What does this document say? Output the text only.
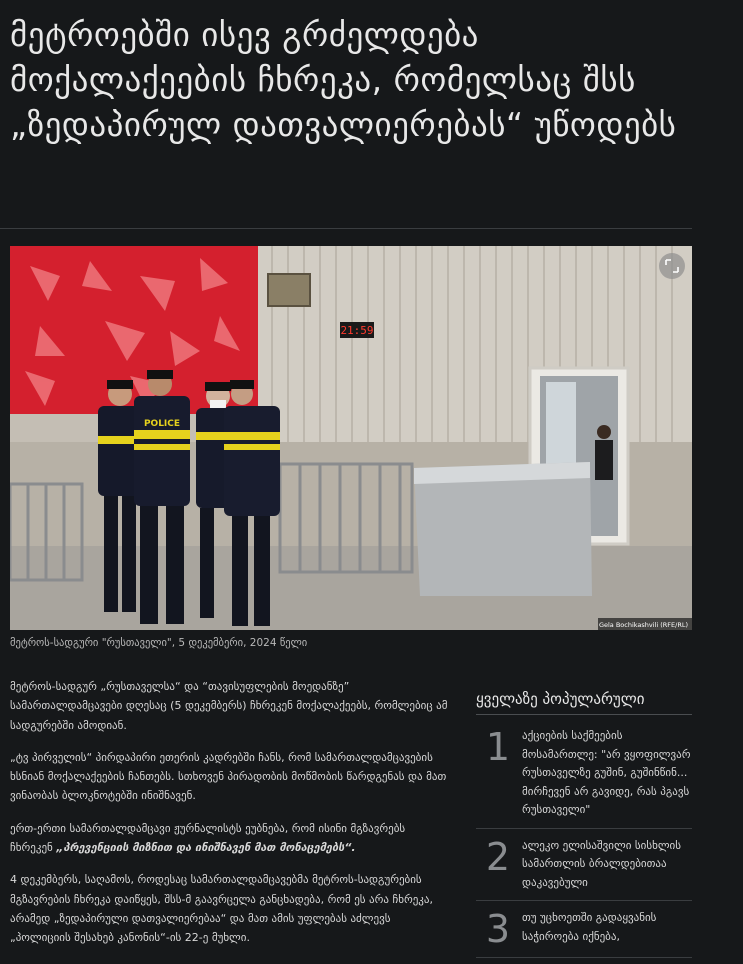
მეტროებში ისევ გრძელდება მოქალაქეების ჩხრეკა, რომელსაც შსს „ზედაპირულ დათვალიერებას“ უწოდებს
21:59
POLICE
Gela Bochikashvili (RFE/RL)
მეტროს-სადგური "რუსთაველი", 5 დეკემბერი, 2024 წელი

მეტროს-სადგურ „რუსთაველსა“ და “თავისუფლების მოედანზე” სამართალდამცავები დღესაც (5 დეკემბერს) ჩხრეკენ მოქალაქეებს, რომლებიც ამ სადგურებში ამოდიან.

„ტვ პირველის“ პირდაპირი ეთერის კადრებში ჩანს, რომ სამართალდამცავების ხსნიან მოქალაქეების ჩანთებს. სთხოვენ პირადობის მოწმობის წარდგენას და მათ ვინაობას ბლოკნოტებში ინიშნავენ.

ერთ-ერთი სამართალდამცავი ჟურნალისტს ეუბნება, რომ ისინი მგზავრებს ჩხრეკენ „პრევენციის მიზნით და ინიშნავენ მათ მონაცემებს“.

4 დეკემბერს, საღამოს, როდესაც სამართალდამცავებმა მეტროს-სადგურების მგზავრების ჩხრეკა დაიწყეს, შსს-მ გაავრცელა განცხადება, რომ ეს არა ჩხრეკა, არამედ „ზედაპირული დათვალიერებაა“ და მათ ამის უფლებას აძლევს „პოლიციის შესახებ კანონის“-ის 22-ე მუხლი.

ყველაზე პოპულარული
1	აქციების საქმეების მოსამართლე: "არ ვყოფილვარ რუსთაველზე გუშინ, გუშინწინ... მირჩევენ არ გავიდე, რას პგავს რუსთაველი"
2	ალეკო ელისაშვილი სისხლის სამართლის ბრალდებითაა დაკავებული
3	თუ უცხოეთში გადაყვანის საჭიროება იქნება,
